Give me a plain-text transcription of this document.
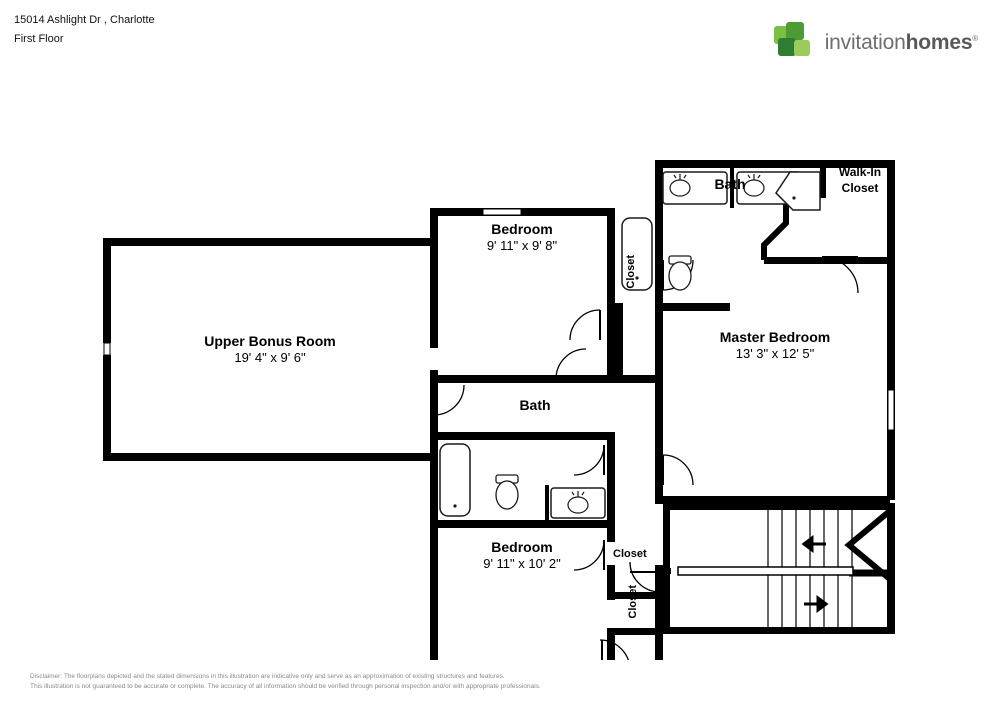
15014 Ashlight Dr , Charlotte
First Floor	invitationhomes®
Upper Bonus Room
19' 4" x 9' 6"
Bedroom
9' 11" x 9' 8"
Bedroom
9' 11" x 10' 2"
Master Bedroom
13' 3" x 12' 5"
Bath
Bath
Walk-In
Closet
Closet
Closet
Closet
Disclaimer: The floorplans depicted and the stated dimensions in this illustration are indicative only and serve as an approximation of existing structures and features.
This illustration is not guaranteed to be accurate or complete. The accuracy of all information should be verified through personal inspection and/or with appropriate professionals.
